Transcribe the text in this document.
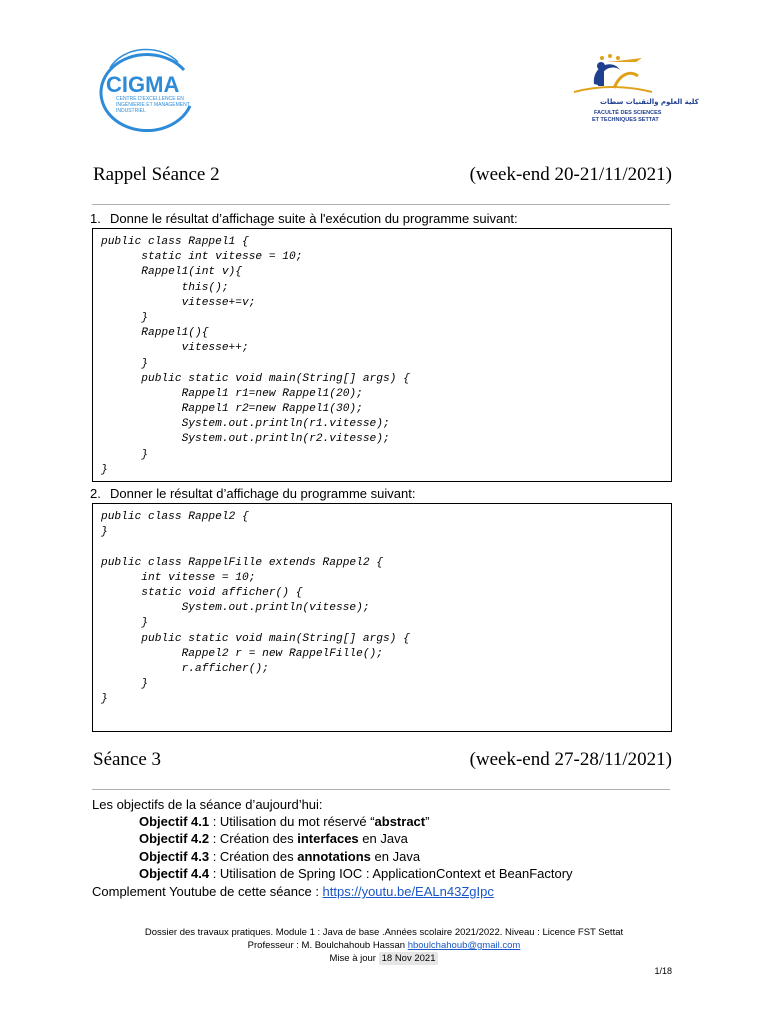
CIGMA
CENTRE D'EXCELLENCE EN
INGÉNIERIE ET MANAGEMENT
INDUSTRIEL
كلية العلوم والتقنيات سطات
FACULTÉ DES SCIENCES
ET TECHNIQUES SETTAT
Rappel Séance 2	(week-end 20-21/11/2021)
1. Donne le résultat d’affichage suite à l'exécution du programme suivant:
public class Rappel1 {
static int vitesse = 10;
Rappel1(int v){
this();
vitesse+=v;
}
Rappel1(){
vitesse++;
}
public static void main(String[] args) {
Rappel1 r1=new Rappel1(20);
Rappel1 r2=new Rappel1(30);
System.out.println(r1.vitesse);
System.out.println(r2.vitesse);
}
}
2. Donner le résultat d’affichage du programme suivant:
public class Rappel2 {
}
public class RappelFille extends Rappel2 {
int vitesse = 10;
static void afficher() {
System.out.println(vitesse);
}
public static void main(String[] args) {
Rappel2 r = new RappelFille();
r.afficher();
}
}
Séance 3	(week-end 27-28/11/2021)
Les objectifs de la séance d’aujourd’hui:
Objectif 4.1 : Utilisation du mot réservé “abstract”
Objectif 4.2 : Création des interfaces en Java
Objectif 4.3 : Création des annotations en Java
Objectif 4.4 : Utilisation de Spring IOC : ApplicationContext et BeanFactory
Complement Youtube de cette séance : https://youtu.be/EALn43ZgIpc
Dossier des travaux pratiques. Module 1 : Java de base .Années scolaire 2021/2022. Niveau : Licence FST Settat
Professeur : M. Boulchahoub Hassan hboulchahoub@gmail.com
Mise à jour 18 Nov 2021
1/18
